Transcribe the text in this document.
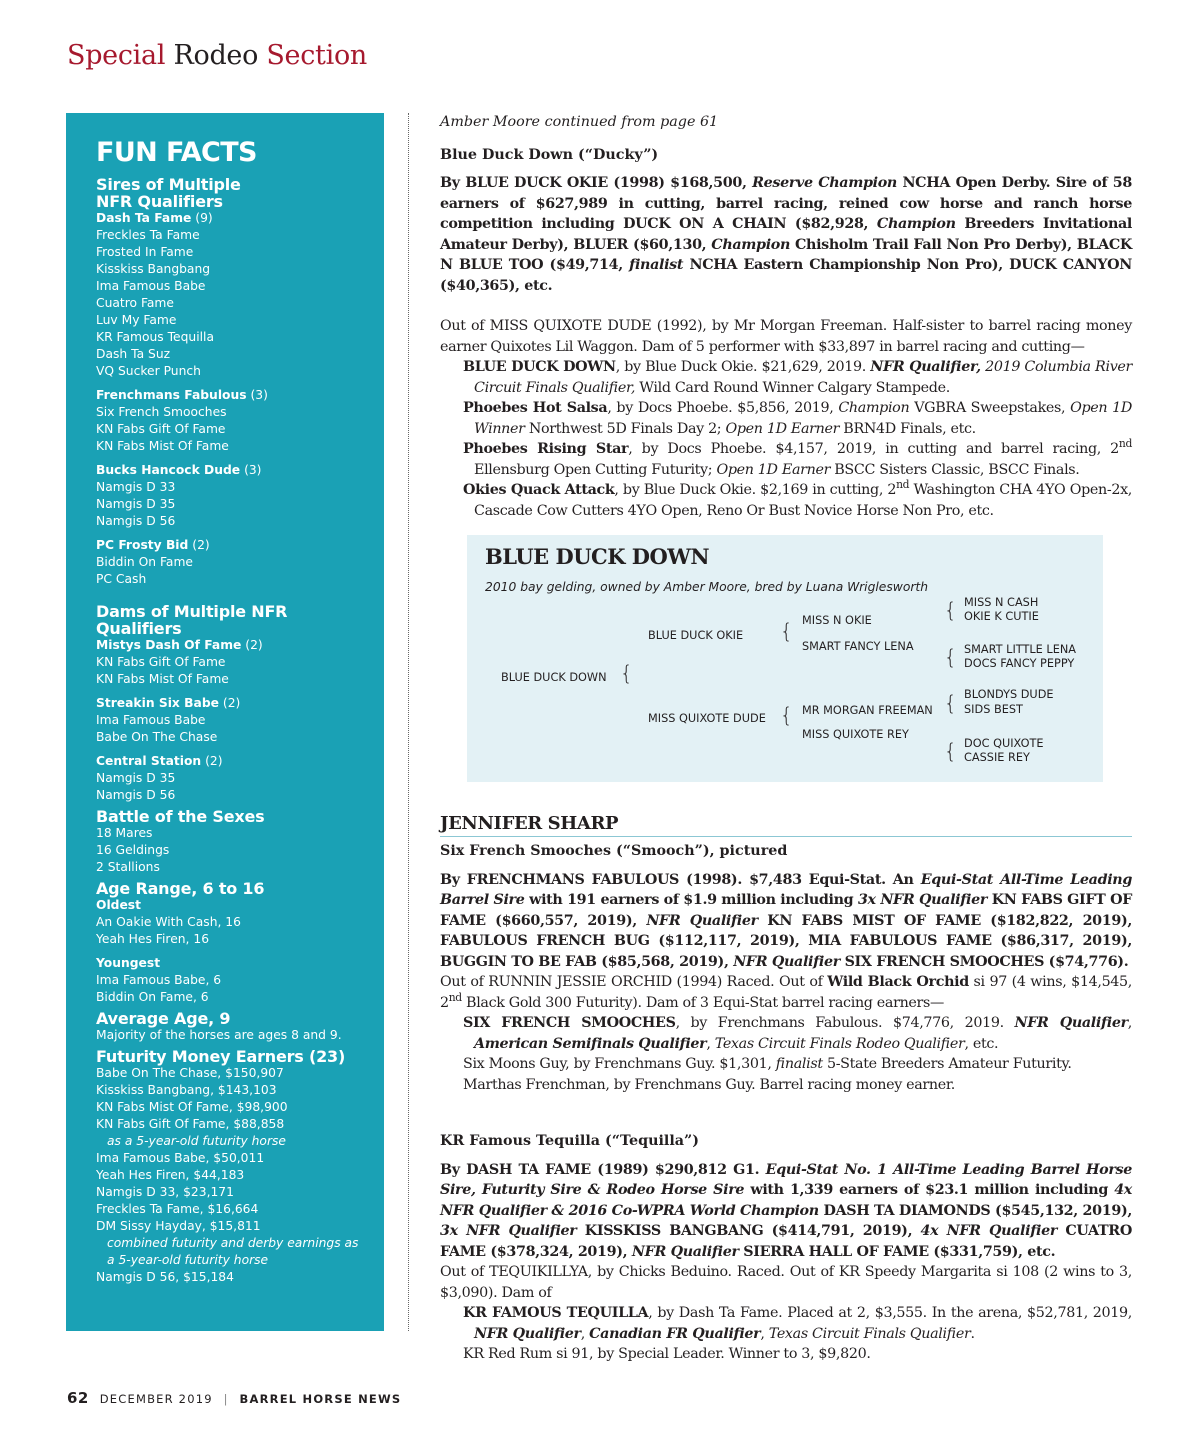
Special Rodeo Section
FUN FACTS
Sires of Multiple
NFR Qualifiers
Dash Ta Fame (9)
Freckles Ta Fame
Frosted In Fame
Kisskiss Bangbang
Ima Famous Babe
Cuatro Fame
Luv My Fame
KR Famous Tequilla
Dash Ta Suz
VQ Sucker Punch
Frenchmans Fabulous (3)
Six French Smooches
KN Fabs Gift Of Fame
KN Fabs Mist Of Fame
Bucks Hancock Dude (3)
Namgis D 33
Namgis D 35
Namgis D 56
PC Frosty Bid (2)
Biddin On Fame
PC Cash
Dams of Multiple NFR
Qualifiers
Mistys Dash Of Fame (2)
KN Fabs Gift Of Fame
KN Fabs Mist Of Fame
Streakin Six Babe (2)
Ima Famous Babe
Babe On The Chase
Central Station (2)
Namgis D 35
Namgis D 56
Battle of the Sexes
18 Mares
16 Geldings
2 Stallions
Age Range, 6 to 16
Oldest
An Oakie With Cash, 16
Yeah Hes Firen, 16
Youngest
Ima Famous Babe, 6
Biddin On Fame, 6
Average Age, 9
Majority of the horses are ages 8 and 9.
Futurity Money Earners (23)
Babe On The Chase, $150,907
Kisskiss Bangbang, $143,103
KN Fabs Mist Of Fame, $98,900
KN Fabs Gift Of Fame, $88,858
as a 5-year-old futurity horse
Ima Famous Babe, $50,011
Yeah Hes Firen, $44,183
Namgis D 33, $23,171
Freckles Ta Fame, $16,664
DM Sissy Hayday, $15,811
combined futurity and derby earnings as
a 5-year-old futurity horse
Namgis D 56, $15,184
Amber Moore continued from page 61
Blue Duck Down (“Ducky”)

By BLUE DUCK OKIE (1998) $168,500, Reserve Champion NCHA Open Derby. Sire of 58 earners of $627,989 in cutting, barrel racing, reined cow horse and ranch horse competition including DUCK ON A CHAIN ($82,928, Champion Breeders Invitational Amateur Derby), BLUER ($60,130, Champion Chisholm Trail Fall Non Pro Derby), BLACK N BLUE TOO ($49,714, finalist NCHA Eastern Championship Non Pro), DUCK CANYON ($40,365), etc.

Out of MISS QUIXOTE DUDE (1992), by Mr Morgan Freeman. Half-sister to barrel racing money earner Quixotes Lil Waggon. Dam of 5 performer with $33,897 in barrel racing and cutting—

BLUE DUCK DOWN, by Blue Duck Okie. $21,629, 2019. NFR Qualifier, 2019 Columbia River Circuit Finals Qualifier, Wild Card Round Winner Calgary Stampede.
Phoebes Hot Salsa, by Docs Phoebe. $5,856, 2019, Champion VGBRA Sweepstakes, Open 1D Winner Northwest 5D Finals Day 2; Open 1D Earner BRN4D Finals, etc.
Phoebes Rising Star, by Docs Phoebe. $4,157, 2019, in cutting and barrel racing, 2nd Ellensburg Open Cutting Futurity; Open 1D Earner BSCC Sisters Classic, BSCC Finals.
Okies Quack Attack, by Blue Duck Okie. $2,169 in cutting, 2nd Washington CHA 4YO Open-2x, Cascade Cow Cutters 4YO Open, Reno Or Bust Novice Horse Non Pro, etc.
BLUE DUCK DOWN
2010 bay gelding, owned by Amber Moore, bred by Luana Wriglesworth
BLUE DUCK DOWN {
BLUE DUCK OKIE
MISS QUIXOTE DUDE
{
{
MISS N OKIE
SMART FANCY LENA
MR MORGAN FREEMAN
MISS QUIXOTE REY
{
{
{
{
MISS N CASH
OKIE K CUTIE
SMART LITTLE LENA
DOCS FANCY PEPPY
BLONDYS DUDE
SIDS BEST
DOC QUIXOTE
CASSIE REY
JENNIFER SHARP
Six French Smooches (“Smooch”), pictured

By FRENCHMANS FABULOUS (1998). $7,483 Equi-Stat. An Equi-Stat All-Time Leading Barrel Sire with 191 earners of $1.9 million including 3x NFR Qualifier KN FABS GIFT OF FAME ($660,557, 2019), NFR Qualifier KN FABS MIST OF FAME ($182,822, 2019), FABULOUS FRENCH BUG ($112,117, 2019), MIA FABULOUS FAME ($86,317, 2019), BUGGIN TO BE FAB ($85,568, 2019), NFR Qualifier SIX FRENCH SMOOCHES ($74,776).

Out of RUNNIN JESSIE ORCHID (1994) Raced. Out of Wild Black Orchid si 97 (4 wins, $14,545, 2nd Black Gold 300 Futurity). Dam of 3 Equi-Stat barrel racing earners—

SIX FRENCH SMOOCHES, by Frenchmans Fabulous. $74,776, 2019. NFR Qualifier, American Semifinals Qualifier, Texas Circuit Finals Rodeo Qualifier, etc.
Six Moons Guy, by Frenchmans Guy. $1,301, finalist 5-State Breeders Amateur Futurity.
Marthas Frenchman, by Frenchmans Guy. Barrel racing money earner.
KR Famous Tequilla (“Tequilla”)

By DASH TA FAME (1989) $290,812 G1. Equi-Stat No. 1 All-Time Leading Barrel Horse Sire, Futurity Sire & Rodeo Horse Sire with 1,339 earners of $23.1 million including 4x NFR Qualifier & 2016 Co-WPRA World Champion DASH TA DIAMONDS ($545,132, 2019), 3x NFR Qualifier KISSKISS BANGBANG ($414,791, 2019), 4x NFR Qualifier CUATRO FAME ($378,324, 2019), NFR Qualifier SIERRA HALL OF FAME ($331,759), etc.

Out of TEQUIKILLYA, by Chicks Beduino. Raced. Out of KR Speedy Margarita si 108 (2 wins to 3, $3,090). Dam of

KR FAMOUS TEQUILLA, by Dash Ta Fame. Placed at 2, $3,555. In the arena, $52,781, 2019, NFR Qualifier, Canadian FR Qualifier, Texas Circuit Finals Qualifier.
KR Red Rum si 91, by Special Leader. Winner to 3, $9,820.
62 DECEMBER 2019 | BARREL HORSE NEWS
